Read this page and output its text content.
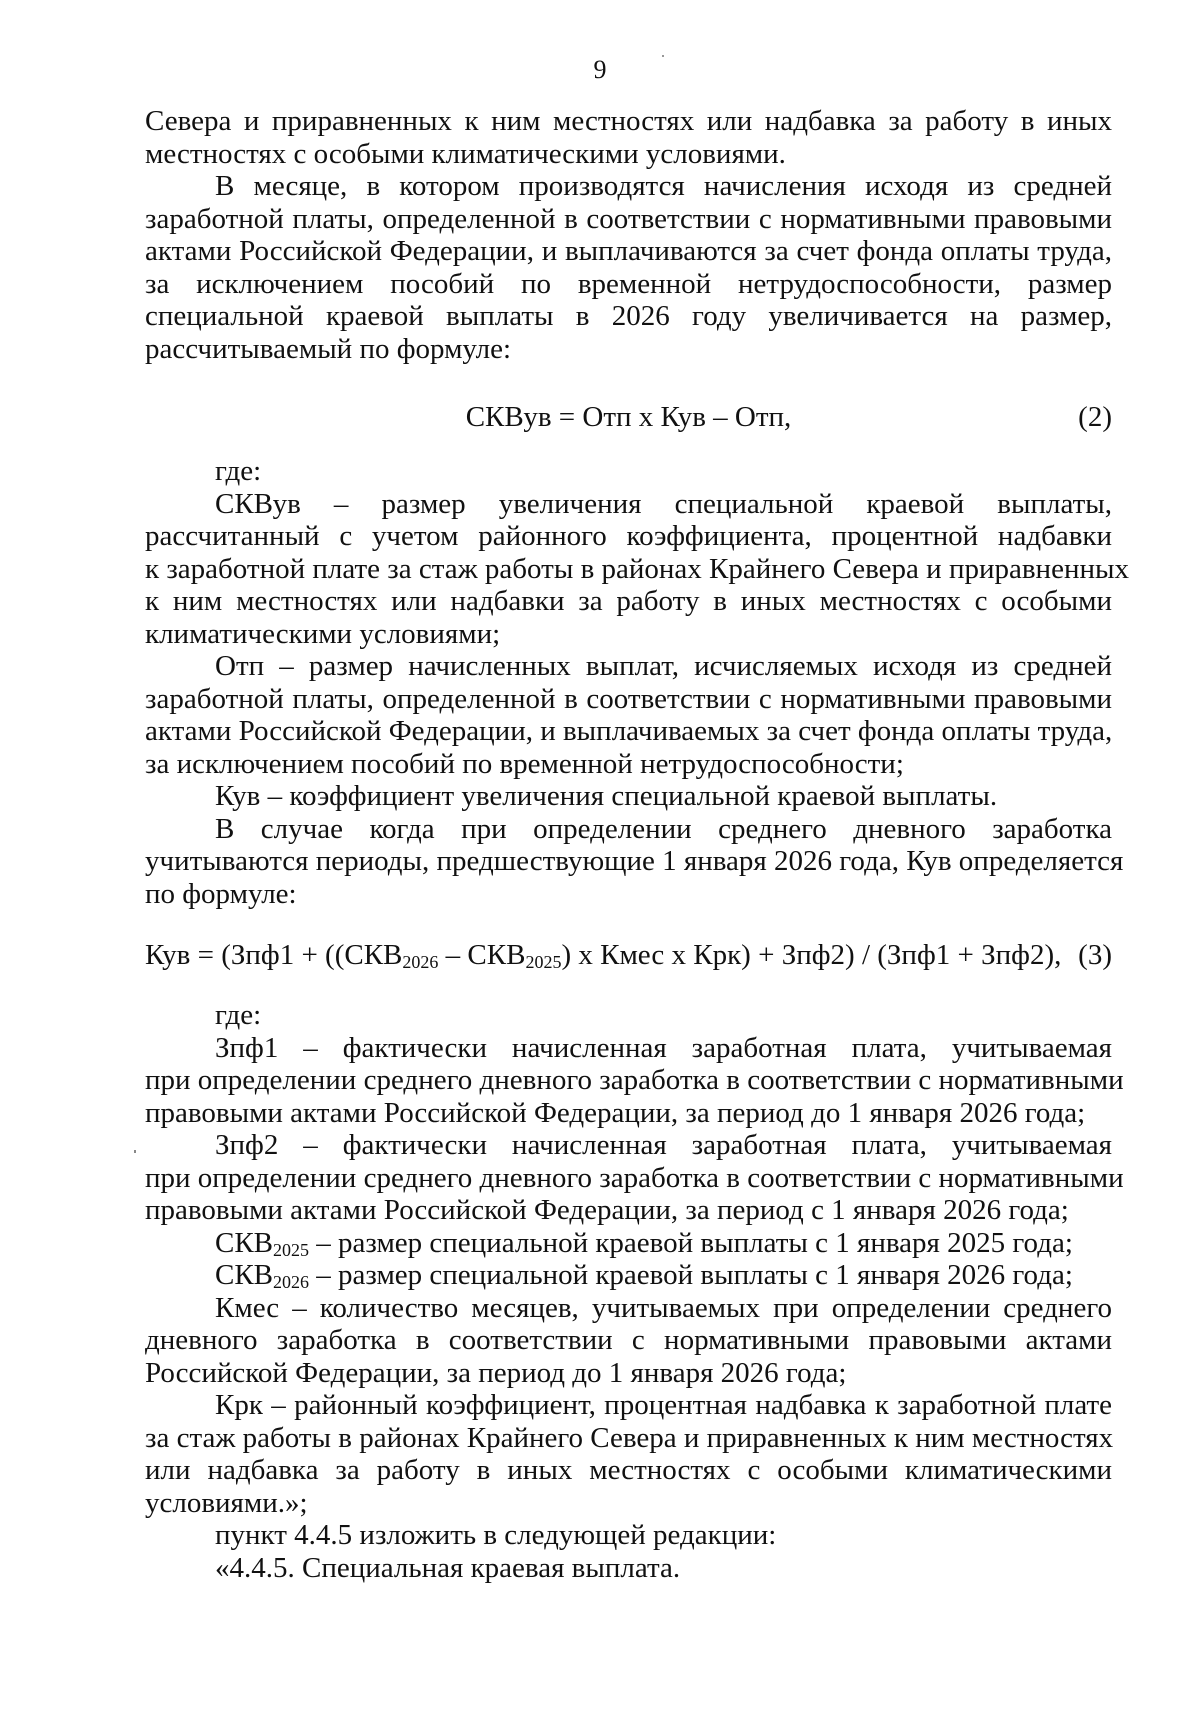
9
Севера и приравненных к ним местностях или надбавка за работу в иных
местностях с особыми климатическими условиями.
В месяце, в котором производятся начисления исходя из средней
заработной платы, определенной в соответствии с нормативными правовыми
актами Российской Федерации, и выплачиваются за счет фонда оплаты труда,
за исключением пособий по временной нетрудоспособности, размер
специальной краевой выплаты в 2026 году увеличивается на размер,
рассчитываемый по формуле:
СКВув = Отп х Кув – Отп,	(2)
где:
СКВув – размер увеличения специальной краевой выплаты,
рассчитанный с учетом районного коэффициента, процентной надбавки
к заработной плате за стаж работы в районах Крайнего Севера и приравненных
к ним местностях или надбавки за работу в иных местностях с особыми
климатическими условиями;
Отп – размер начисленных выплат, исчисляемых исходя из средней
заработной платы, определенной в соответствии с нормативными правовыми
актами Российской Федерации, и выплачиваемых за счет фонда оплаты труда,
за исключением пособий по временной нетрудоспособности;
Кув – коэффициент увеличения специальной краевой выплаты.
В случае когда при определении среднего дневного заработка
учитываются периоды, предшествующие 1 января 2026 года, Кув определяется
по формуле:
Кув = ($Зпф1 + ((СКВ_{2026} - СКВ_{2025})$ х Кмес х Крк) + Зпф2) / (Зпф1 + Зпф2), (3)
где:
Зпф1 – фактически начисленная заработная плата, учитываемая
при определении среднего дневного заработка в соответствии с нормативными
правовыми актами Российской Федерации, за период до 1 января 2026 года;
Зпф2 – фактически начисленная заработная плата, учитываемая
при определении среднего дневного заработка в соответствии с нормативными
правовыми актами Российской Федерации, за период с 1 января 2026 года;
$СКВ_{2025}$ – размер специальной краевой выплаты с 1 января 2025 года;
$СКВ_{2026}$ – размер специальной краевой выплаты с 1 января 2026 года;
Кмес – количество месяцев, учитываемых при определении среднего
дневного заработка в соответствии с нормативными правовыми актами
Российской Федерации, за период до 1 января 2026 года;
Крк – районный коэффициент, процентная надбавка к заработной плате
за стаж работы в районах Крайнего Севера и приравненных к ним местностях
или надбавка за работу в иных местностях с особыми климатическими
условиями.»;
пункт 4.4.5 изложить в следующей редакции:
«4.4.5. Специальная краевая выплата.
